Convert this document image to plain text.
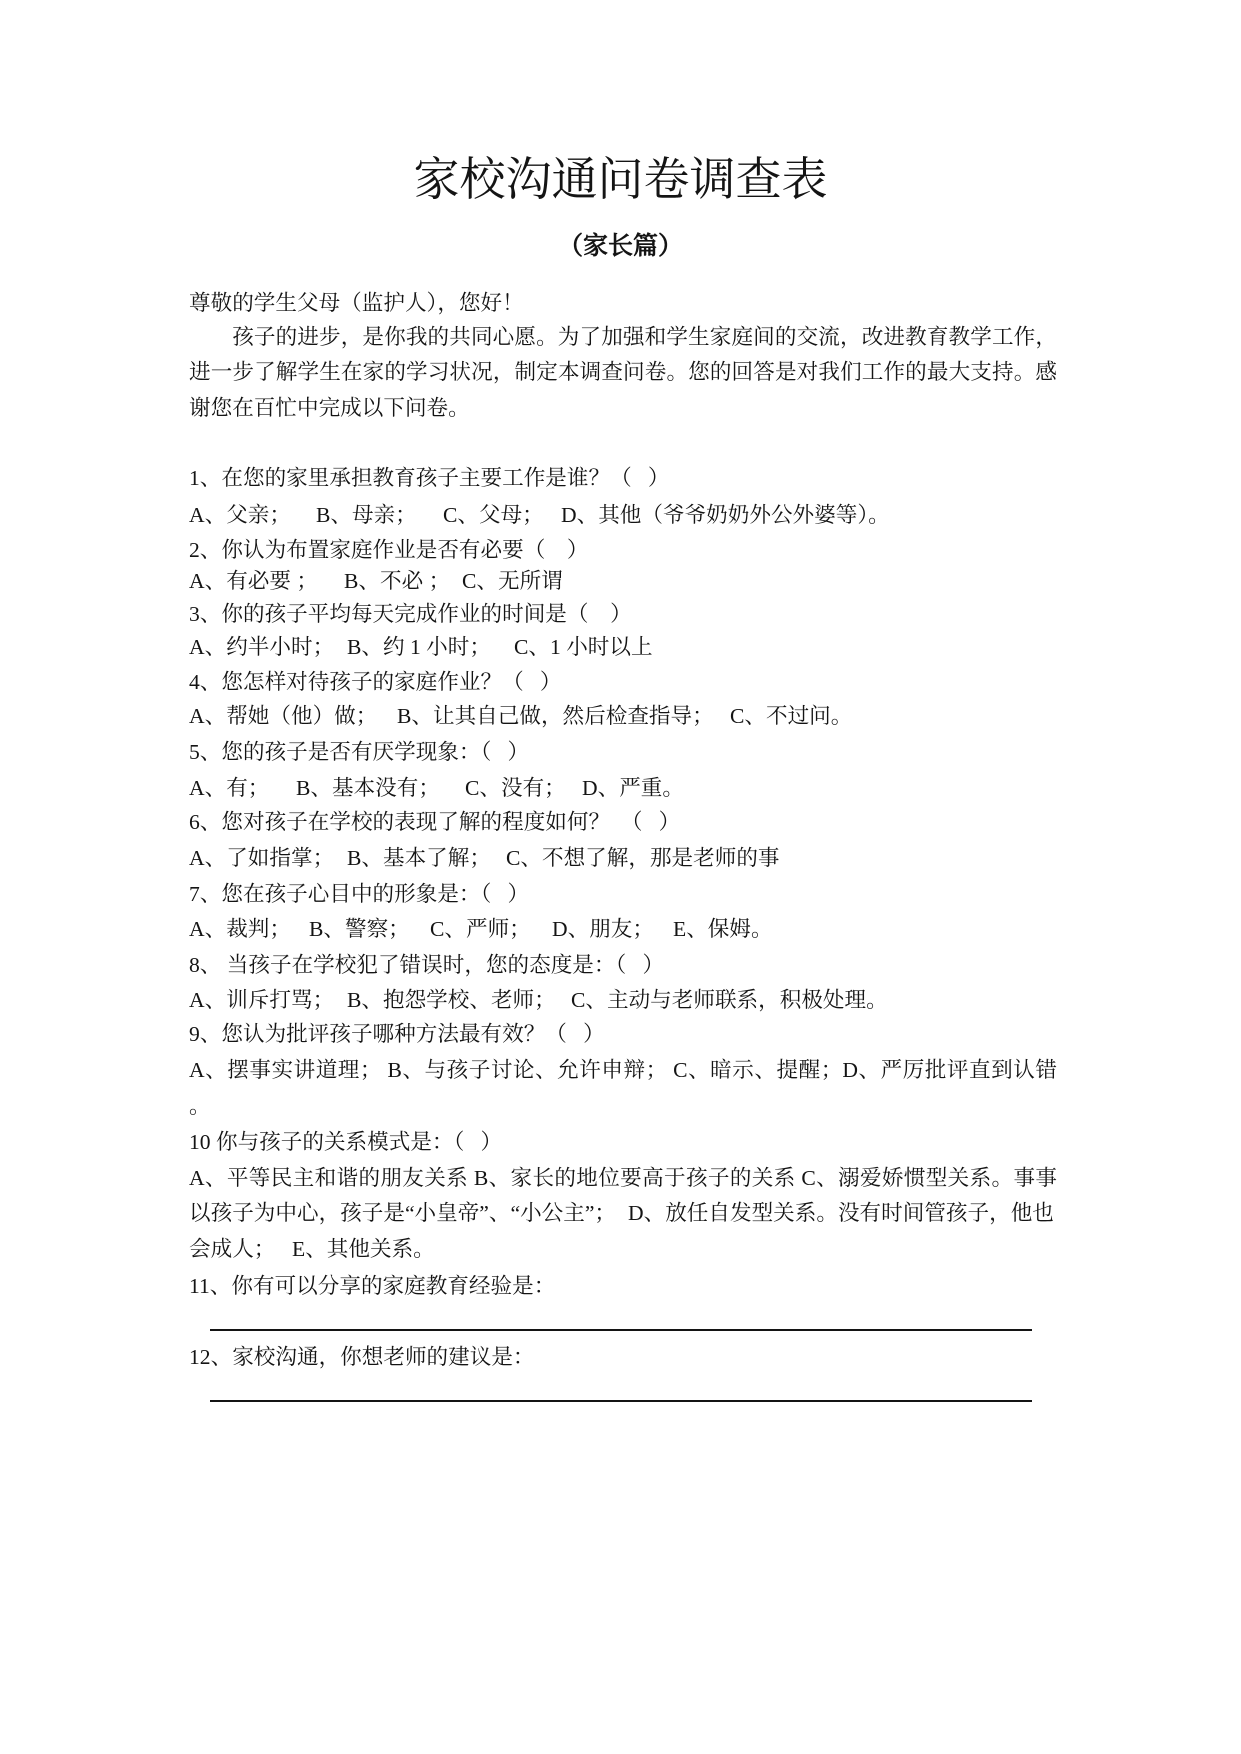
家校沟通问卷调查表
（家长篇）
尊敬的学生父母（监护人），您好！
孩子的进步，是你我的共同心愿。为了加强和学生家庭间的交流，改进教育教学工作，
进一步了解学生在家的学习状况，制定本调查问卷。您的回答是对我们工作的最大支持。感
谢您在百忙中完成以下问卷。
1、在您的家里承担教育孩子主要工作是谁？（   ）
A、父亲； B、母亲； C、父母； D、其他（爷爷奶奶外公外婆等）。
2、你认为布置家庭作业是否有必要（    ）
A、有必要 ； B、不必 ； C、无所谓
3、你的孩子平均每天完成作业的时间是（    ）
A、约半小时； B、约 1 小时； C、1 小时以上
4、您怎样对待孩子的家庭作业？（   ）
A、帮她（他）做； B、让其自己做，然后检查指导； C、不过问。
5、您的孩子是否有厌学现象：（   ）
A、有； B、基本没有； C、没有； D、严重。
6、您对孩子在学校的表现了解的程度如何？  （   ）
A、了如指掌； B、基本了解； C、不想了解，那是老师的事
7、您在孩子心目中的形象是：（   ）
A、裁判； B、警察； C、严师； D、朋友； E、保姆。
8、 当孩子在学校犯了错误时，您的态度是：（   ）
A、训斥打骂； B、抱怨学校、老师； C、主动与老师联系，积极处理。
9、您认为批评孩子哪种方法最有效？（   ）
A、摆事实讲道理； B、与孩子讨论、允许申辩； C、暗示、提醒；D、严厉批评直到认错
。
10 你与孩子的关系模式是：（   ）
A、平等民主和谐的朋友关系 B、家长的地位要高于孩子的关系 C、溺爱娇惯型关系。事事
以孩子为中心，孩子是“小皇帝”、“小公主”； D、放任自发型关系。没有时间管孩子，他也
会成人； E、其他关系。
11、你有可以分享的家庭教育经验是：
12、家校沟通，你想老师的建议是：
